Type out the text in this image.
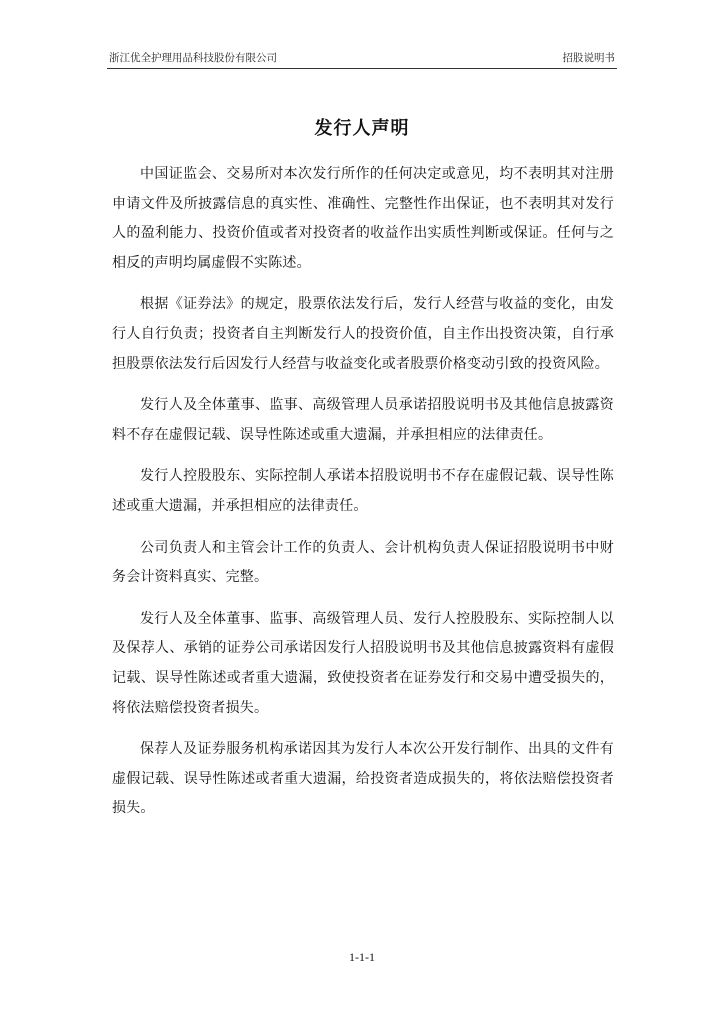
浙江优全护理用品科技股份有限公司	招股说明书
发行人声明

中国证监会、交易所对本次发行所作的任何决定或意见，均不表明其对注册申请文件及所披露信息的真实性、准确性、完整性作出保证，也不表明其对发行人的盈利能力、投资价值或者对投资者的收益作出实质性判断或保证。任何与之相反的声明均属虚假不实陈述。

根据《证券法》的规定，股票依法发行后，发行人经营与收益的变化，由发行人自行负责；投资者自主判断发行人的投资价值，自主作出投资决策，自行承担股票依法发行后因发行人经营与收益变化或者股票价格变动引致的投资风险。

发行人及全体董事、监事、高级管理人员承诺招股说明书及其他信息披露资料不存在虚假记载、误导性陈述或重大遗漏，并承担相应的法律责任。

发行人控股股东、实际控制人承诺本招股说明书不存在虚假记载、误导性陈述或重大遗漏，并承担相应的法律责任。

公司负责人和主管会计工作的负责人、会计机构负责人保证招股说明书中财务会计资料真实、完整。

发行人及全体董事、监事、高级管理人员、发行人控股股东、实际控制人以及保荐人、承销的证券公司承诺因发行人招股说明书及其他信息披露资料有虚假记载、误导性陈述或者重大遗漏，致使投资者在证券发行和交易中遭受损失的，将依法赔偿投资者损失。

保荐人及证券服务机构承诺因其为发行人本次公开发行制作、出具的文件有虚假记载、误导性陈述或者重大遗漏，给投资者造成损失的，将依法赔偿投资者损失。

1-1-1
